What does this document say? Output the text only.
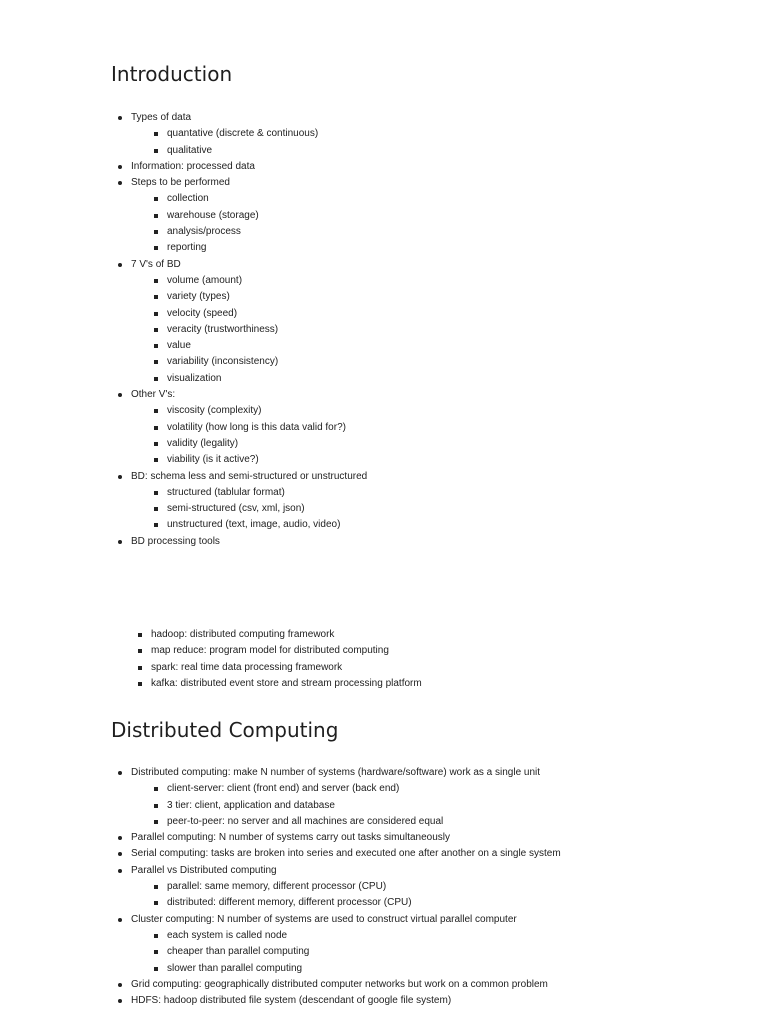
Introduction
Types of data
quantative (discrete & continuous)
qualitative
Information: processed data
Steps to be performed
collection
warehouse (storage)
analysis/process
reporting
7 V's of BD
volume (amount)
variety (types)
velocity (speed)
veracity (trustworthiness)
value
variability (inconsistency)
visualization
Other V's:
viscosity (complexity)
volatility (how long is this data valid for?)
validity (legality)
viability (is it active?)
BD: schema less and semi-structured or unstructured
structured (tablular format)
semi-structured (csv, xml, json)
unstructured (text, image, audio, video)
BD processing tools
hadoop: distributed computing framework
map reduce: program model for distributed computing
spark: real time data processing framework
kafka: distributed event store and stream processing platform
Distributed Computing
Distributed computing: make N number of systems (hardware/software) work as a single unit
client-server: client (front end) and server (back end)
3 tier: client, application and database
peer-to-peer: no server and all machines are considered equal
Parallel computing: N number of systems carry out tasks simultaneously
Serial computing: tasks are broken into series and executed one after another on a single system
Parallel vs Distributed computing
parallel: same memory, different processor (CPU)
distributed: different memory, different processor (CPU)
Cluster computing: N number of systems are used to construct virtual parallel computer
each system is called node
cheaper than parallel computing
slower than parallel computing
Grid computing: geographically distributed computer networks but work on a common problem
HDFS: hadoop distributed file system (descendant of google file system)
